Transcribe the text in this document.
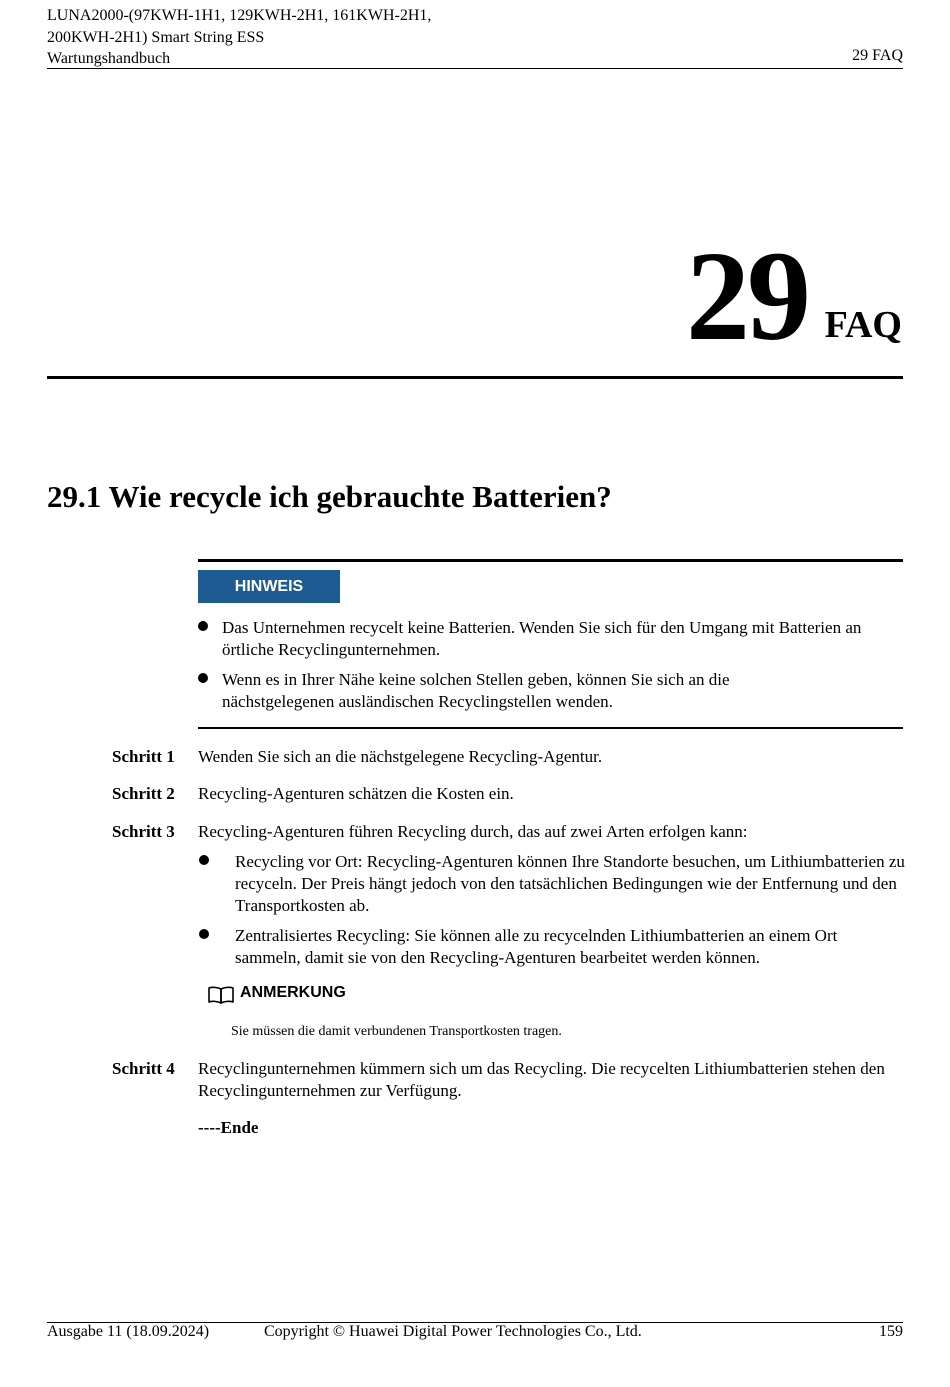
LUNA2000-(97KWH-1H1, 129KWH-2H1, 161KWH-2H1,
200KWH-2H1) Smart String ESS
Wartungshandbuch	29 FAQ
29 FAQ
29.1 Wie recycle ich gebrauchte Batterien?
HINWEIS
Das Unternehmen recycelt keine Batterien. Wenden Sie sich für den Umgang mit Batterien an örtliche Recyclingunternehmen.
Wenn es in Ihrer Nähe keine solchen Stellen geben, können Sie sich an die nächstgelegenen ausländischen Recyclingstellen wenden.
Schritt 1 Wenden Sie sich an die nächstgelegene Recycling-Agentur.
Schritt 2 Recycling-Agenturen schätzen die Kosten ein.
Schritt 3 Recycling-Agenturen führen Recycling durch, das auf zwei Arten erfolgen kann:
Recycling vor Ort: Recycling-Agenturen können Ihre Standorte besuchen, um Lithiumbatterien zu recyceln. Der Preis hängt jedoch von den tatsächlichen Bedingungen wie der Entfernung und den Transportkosten ab.
Zentralisiertes Recycling: Sie können alle zu recycelnden Lithiumbatterien an einem Ort sammeln, damit sie von den Recycling-Agenturen bearbeitet werden können.
ANMERKUNG
Sie müssen die damit verbundenen Transportkosten tragen.
Schritt 4 Recyclingunternehmen kümmern sich um das Recycling. Die recycelten Lithiumbatterien stehen den Recyclingunternehmen zur Verfügung.
----Ende
Ausgabe 11 (18.09.2024)	Copyright © Huawei Digital Power Technologies Co., Ltd.	159
